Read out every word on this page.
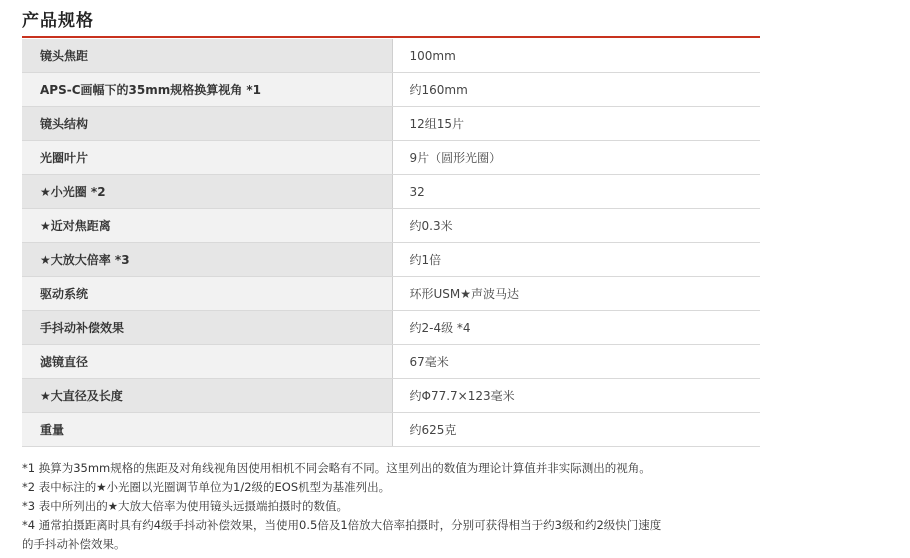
产品规格
镜头焦距	100mm
APS-C画幅下的35mm规格换算视角 *1	约160mm
镜头结构	12组15片
光圈叶片	9片（圆形光圈）
★小光圈 *2	32
★近对焦距离	约0.3米
★大放大倍率 *3	约1倍
驱动系统	环形USM★声波马达
手抖动补偿效果	约2-4级 *4
滤镜直径	67毫米
★大直径及长度	约Φ77.7×123毫米
重量	约625克
*1 换算为35mm规格的焦距及对角线视角因使用相机不同会略有不同。这里列出的数值为理论计算值并非实际测出的视角。
*2 表中标注的★小光圈以光圈调节单位为1/2级的EOS机型为基准列出。
*3 表中所列出的★大放大倍率为使用镜头远摄端拍摄时的数值。
*4 通常拍摄距离时具有约4级手抖动补偿效果，当使用0.5倍及1倍放大倍率拍摄时，分别可获得相当于约3级和约2级快门速度
的手抖动补偿效果。
